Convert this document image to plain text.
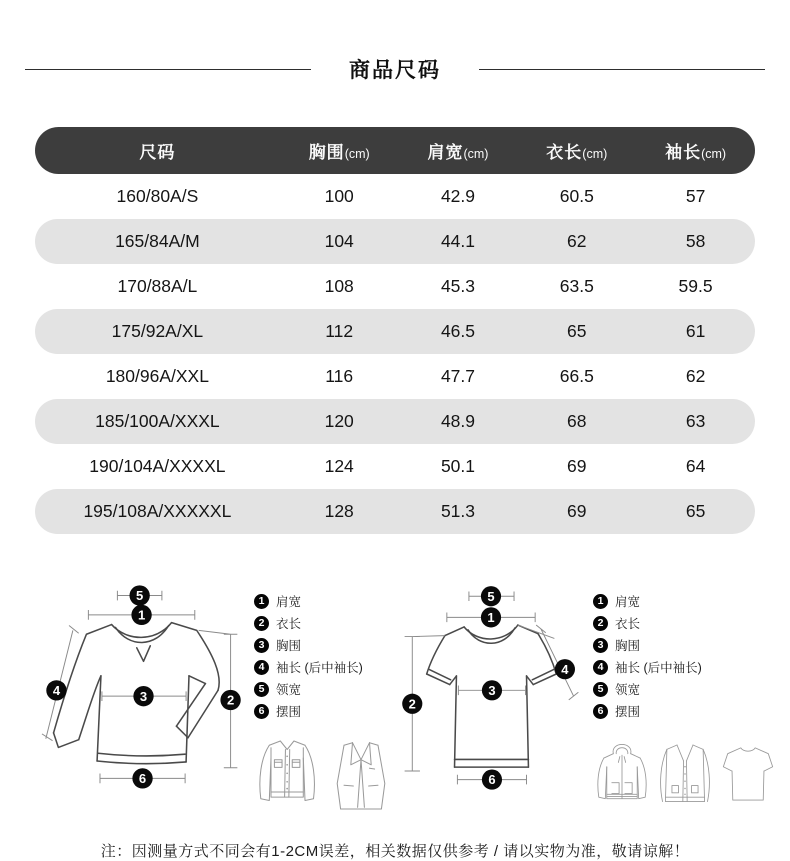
商品尺码
尺码	胸围(cm)	肩宽(cm)	衣长(cm)	袖长(cm)
160/80A/S	100	42.9	60.5	57
165/84A/M	104	44.1	62	58
170/88A/L	108	45.3	63.5	59.5
175/92A/XL	112	46.5	65	61
180/96A/XXL	116	47.7	66.5	62
185/100A/XXXL	120	48.9	68	63
190/104A/XXXXL	124	50.1	69	64
195/108A/XXXXXL	128	51.3	69	65
5
1
4
2
3
6
1 肩宽
2 衣长
3 胸围
4 袖长 (后中袖长)
5 领宽
6 摆围
5
1
4
2
3
6
1 肩宽
2 衣长
3 胸围
4 袖长 (后中袖长)
5 领宽
6 摆围
注：因测量方式不同会有1-2CM误差，相关数据仅供参考 / 请以实物为准，敬请谅解！
